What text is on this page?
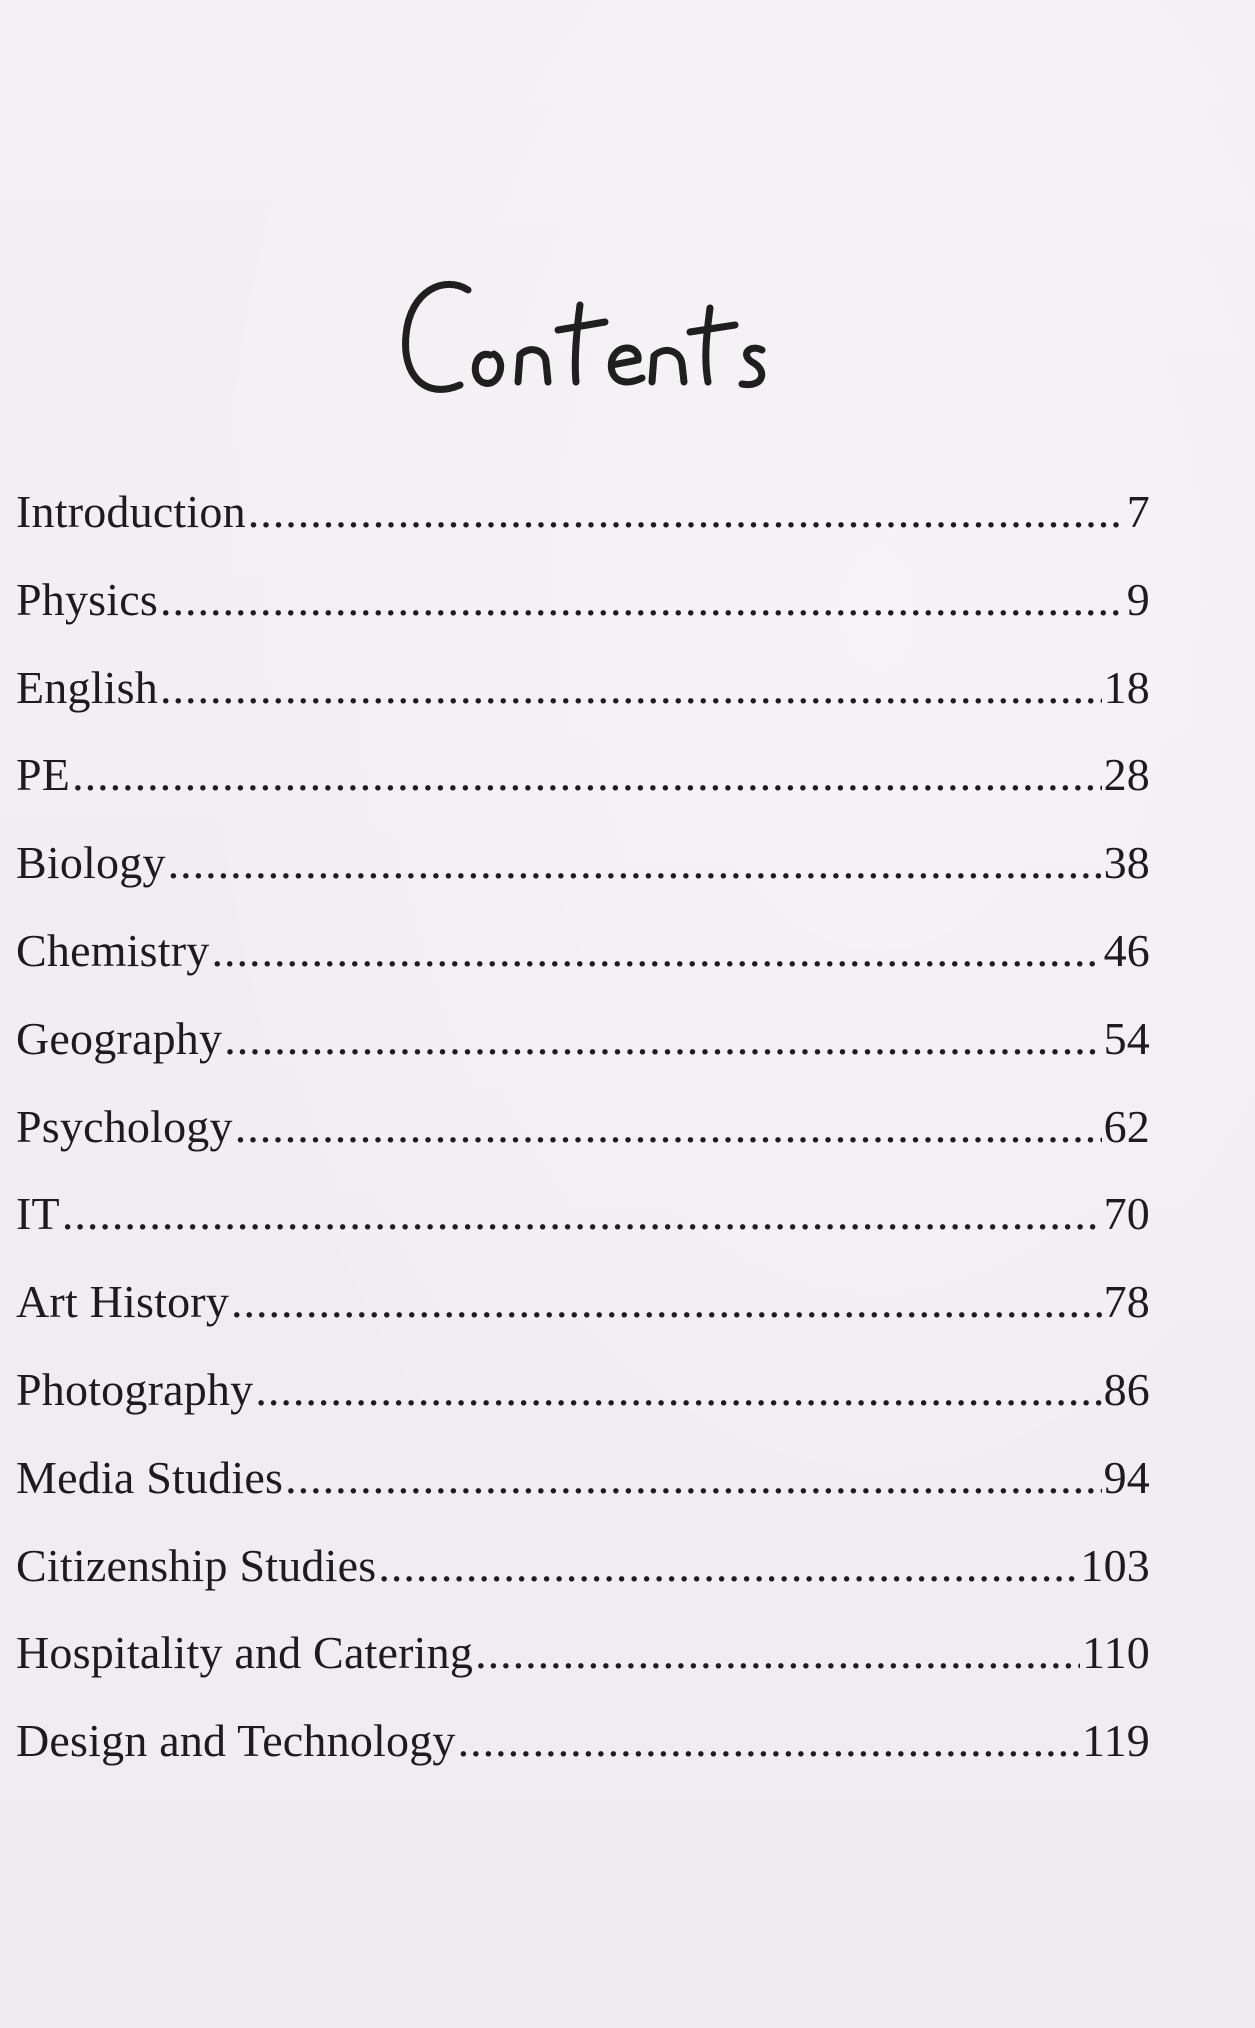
Introduction .....	7
Physics .....	9
English .....	18
PE .....	28
Biology .....	38
Chemistry .....	46
Geography .....	54
Psychology .....	62
IT .....	70
Art History .....	78
Photography .....	86
Media Studies .....	94
Citizenship Studies .....	103
Hospitality and Catering .....	110
Design and Technology .....	119
